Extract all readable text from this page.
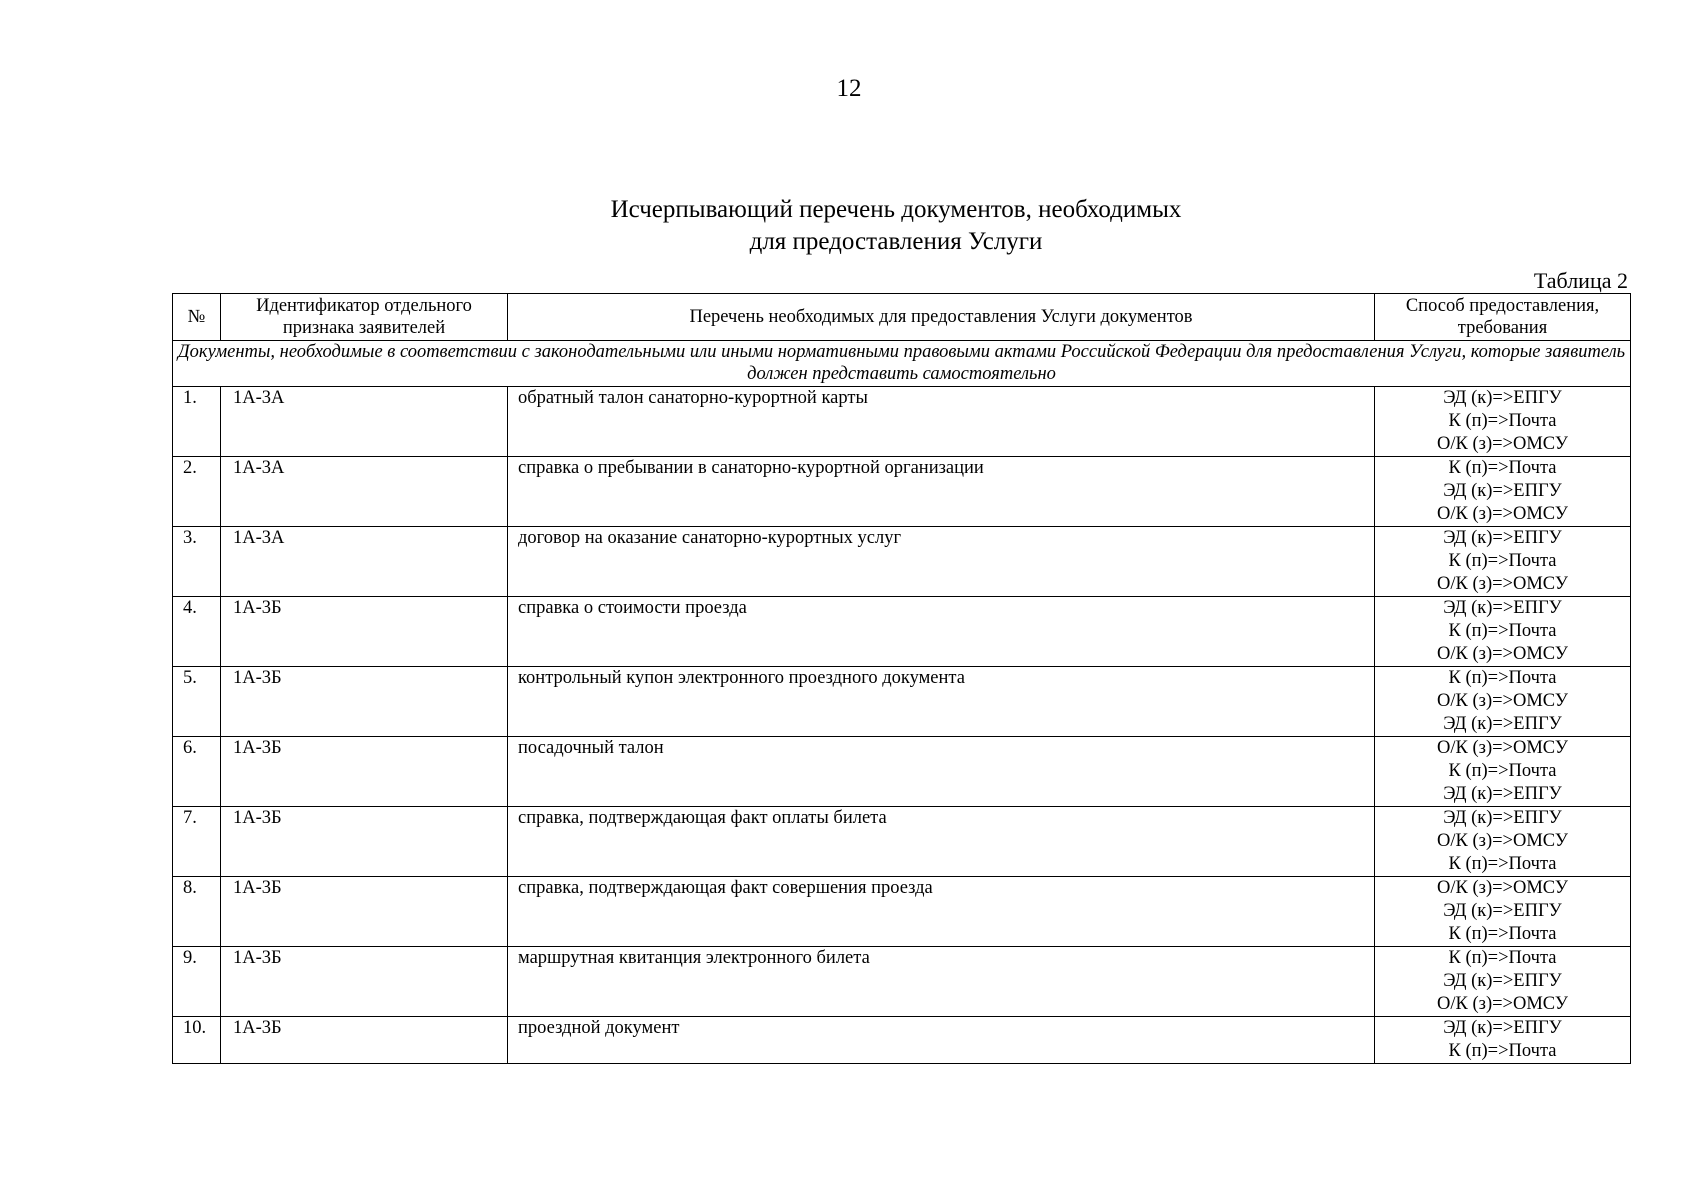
12
Исчерпывающий перечень документов, необходимых
для предоставления Услуги
Таблица 2
№	Идентификатор отдельного признака заявителей	Перечень необходимых для предоставления Услуги документов	Способ предоставления, требования
Документы, необходимые в соответствии с законодательными или иными нормативными правовыми актами Российской Федерации для предоставления Услуги, которые заявитель должен представить самостоятельно			
1.	1А-3А	обратный талон санаторно-курортной карты	ЭД (к)=>ЕПГУ
К (п)=>Почта
О/К (з)=>ОМСУ

2.	1А-3А	справка о пребывании в санаторно-курортной организации	К (п)=>Почта
ЭД (к)=>ЕПГУ
О/К (з)=>ОМСУ

3.	1А-3А	договор на оказание санаторно-курортных услуг	ЭД (к)=>ЕПГУ
К (п)=>Почта
О/К (з)=>ОМСУ

4.	1А-3Б	справка о стоимости проезда	ЭД (к)=>ЕПГУ
К (п)=>Почта
О/К (з)=>ОМСУ

5.	1А-3Б	контрольный купон электронного проездного документа	К (п)=>Почта
О/К (з)=>ОМСУ
ЭД (к)=>ЕПГУ

6.	1А-3Б	посадочный талон	О/К (з)=>ОМСУ
К (п)=>Почта
ЭД (к)=>ЕПГУ

7.	1А-3Б	справка, подтверждающая факт оплаты билета	ЭД (к)=>ЕПГУ
О/К (з)=>ОМСУ
К (п)=>Почта

8.	1А-3Б	справка, подтверждающая факт совершения проезда	О/К (з)=>ОМСУ
ЭД (к)=>ЕПГУ
К (п)=>Почта

9.	1А-3Б	маршрутная квитанция электронного билета	К (п)=>Почта
ЭД (к)=>ЕПГУ
О/К (з)=>ОМСУ

10.	1А-3Б	проездной документ	ЭД (к)=>ЕПГУ
К (п)=>Почта
